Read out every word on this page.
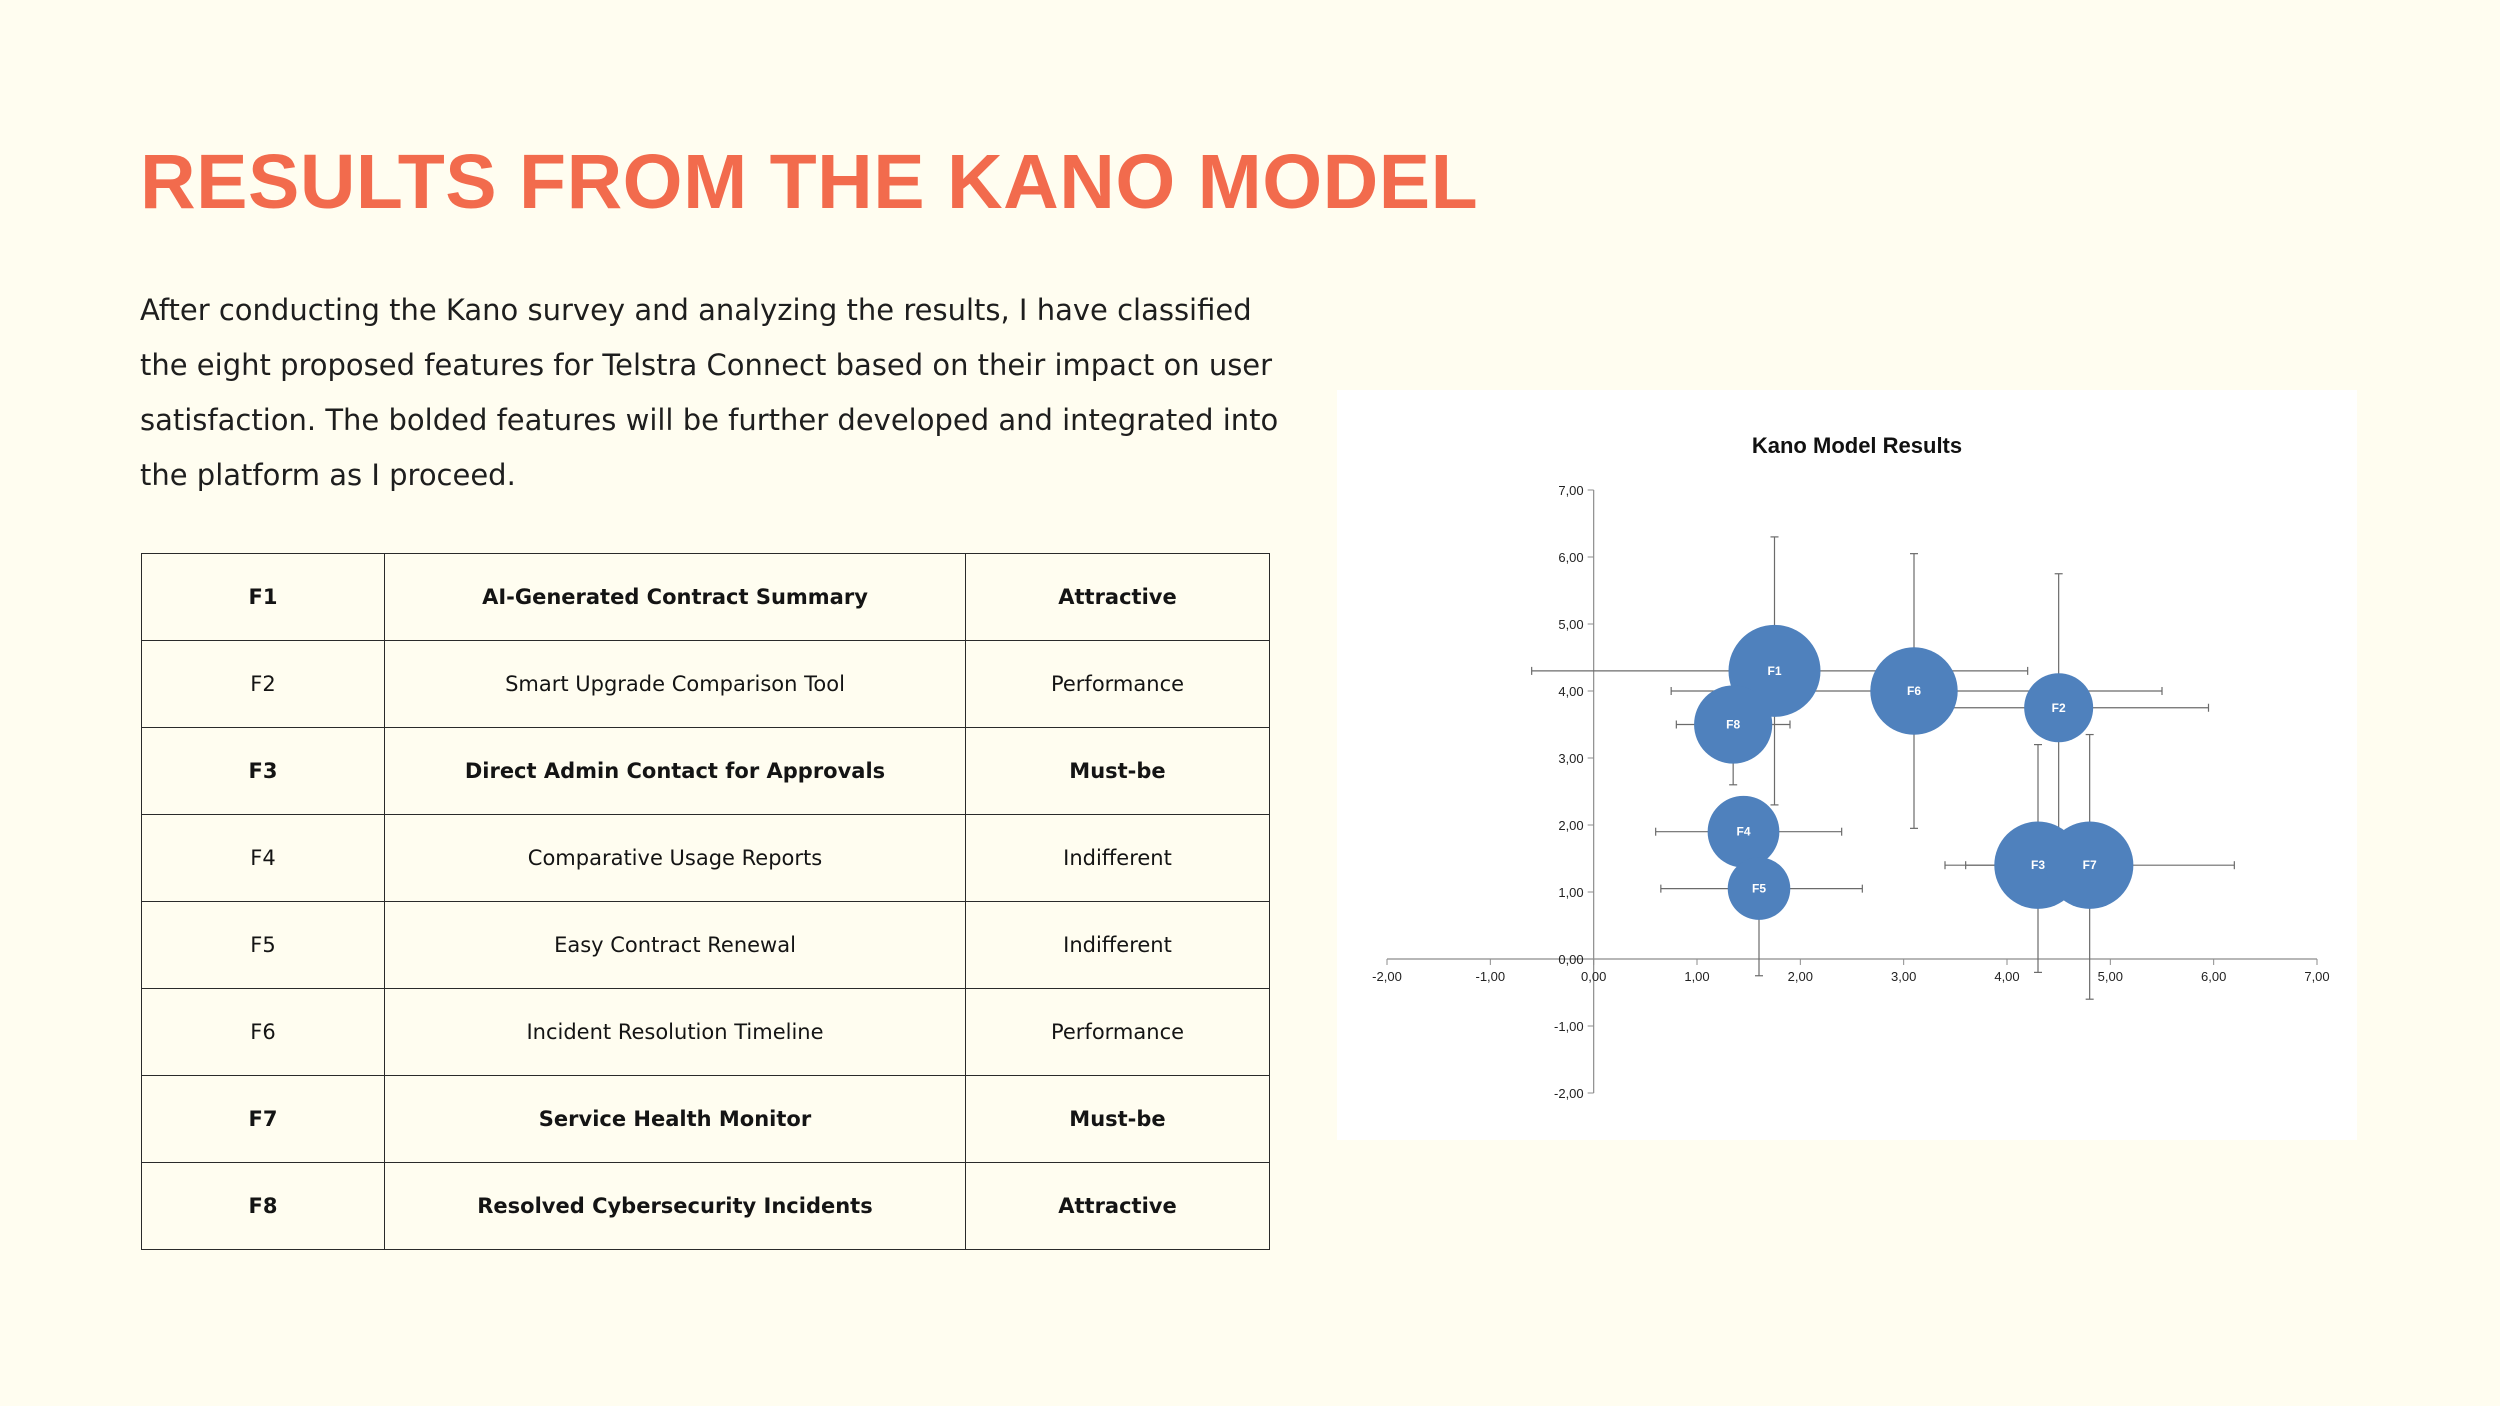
RESULTS FROM THE KANO MODEL

After conducting the Kano survey and analyzing the results, I have classified the eight proposed features for Telstra Connect based on their impact on user satisfaction. The bolded features will be further developed and integrated into the platform as I proceed.

F1	AI-Generated Contract Summary	Attractive
F2	Smart Upgrade Comparison Tool	Performance
F3	Direct Admin Contact for Approvals	Must-be
F4	Comparative Usage Reports	Indifferent
F5	Easy Contract Renewal	Indifferent
F6	Incident Resolution Timeline	Performance
F7	Service Health Monitor	Must-be
F8	Resolved Cybersecurity Incidents	Attractive
Kano Model Results
-2,00	-1,00	0,00	1,00	2,00	3,00	4,00	5,00	6,00	7,00
7,00
6,00
5,00
4,00
3,00
2,00
1,00
0,00
-1,00
-2,00
F1
F2
F3
F4
F5
F6
F7
F8
